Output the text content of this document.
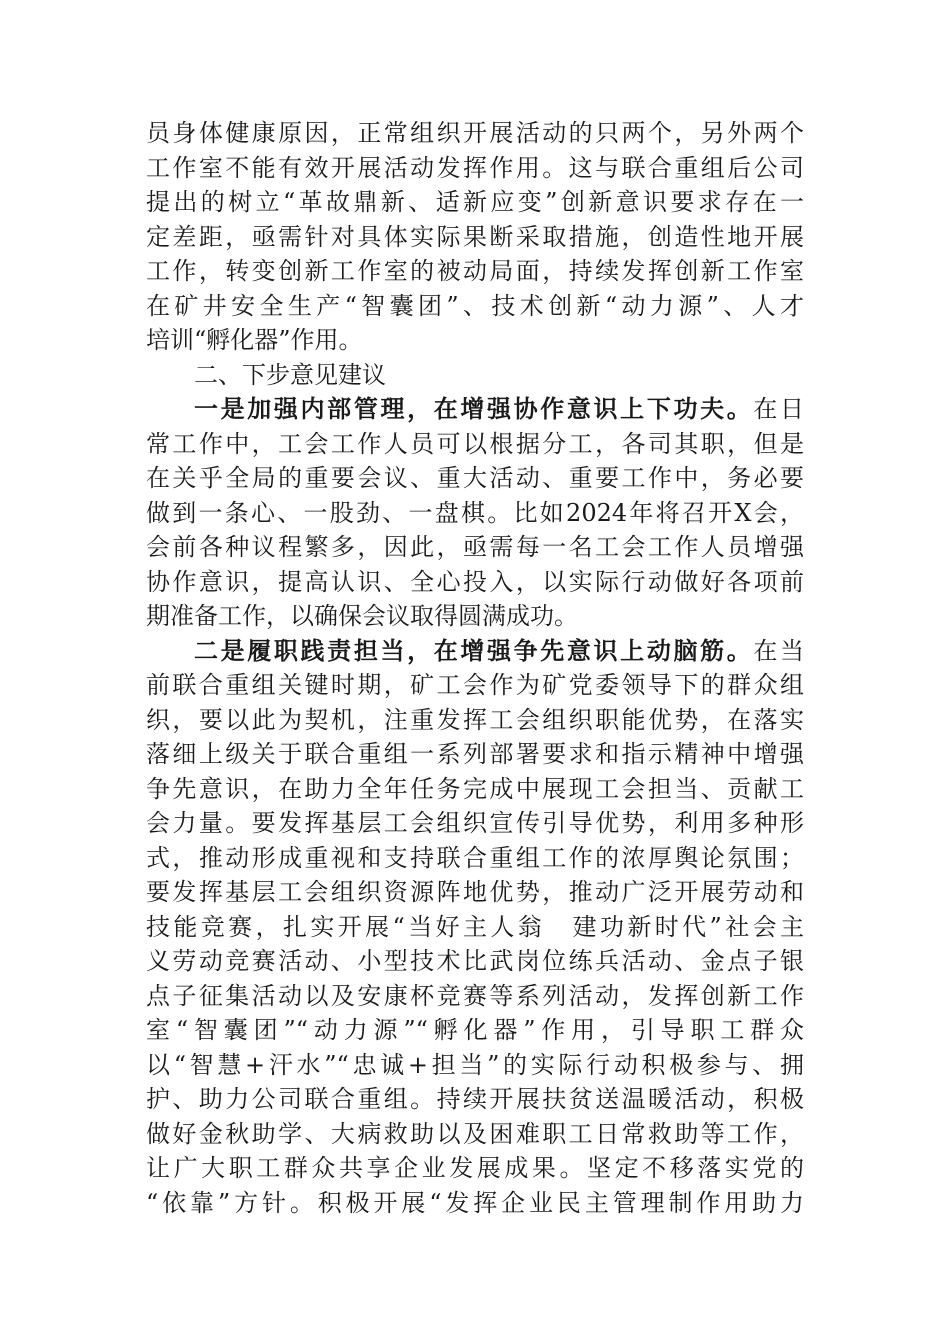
员身体健康原因，正常组织开展活动的只两个，另外两个
工作室不能有效开展活动发挥作用。这与联合重组后公司
提出的树立“革故鼎新、适新应变”创新意识要求存在一
定差距，亟需针对具体实际果断采取措施，创造性地开展
工作，转变创新工作室的被动局面，持续发挥创新工作室
在矿井安全生产“智囊团”、技术创新“动力源”、人才
培训“孵化器”作用。
二、下步意见建议
一是加强内部管理，在增强协作意识上下功夫。在日
常工作中，工会工作人员可以根据分工，各司其职，但是
在关乎全局的重要会议、重大活动、重要工作中，务必要
做到一条心、一股劲、一盘棋。比如2024年将召开X会，
会前各种议程繁多，因此，亟需每一名工会工作人员增强
协作意识，提高认识、全心投入，以实际行动做好各项前
期准备工作，以确保会议取得圆满成功。
二是履职践责担当，在增强争先意识上动脑筋。在当
前联合重组关键时期，矿工会作为矿党委领导下的群众组
织，要以此为契机，注重发挥工会组织职能优势，在落实
落细上级关于联合重组一系列部署要求和指示精神中增强
争先意识，在助力全年任务完成中展现工会担当、贡献工
会力量。要发挥基层工会组织宣传引导优势，利用多种形
式，推动形成重视和支持联合重组工作的浓厚舆论氛围；
要发挥基层工会组织资源阵地优势，推动广泛开展劳动和
技能竞赛，扎实开展“当好主人翁　建功新时代”社会主
义劳动竞赛活动、小型技术比武岗位练兵活动、金点子银
点子征集活动以及安康杯竞赛等系列活动，发挥创新工作
室“智囊团”“动力源”“孵化器”作用，引导职工群众
以“智慧+汗水”“忠诚+担当”的实际行动积极参与、拥
护、助力公司联合重组。持续开展扶贫送温暖活动，积极
做好金秋助学、大病救助以及困难职工日常救助等工作，
让广大职工群众共享企业发展成果。坚定不移落实党的
“依靠”方针。积极开展“发挥企业民主管理制作用助力
